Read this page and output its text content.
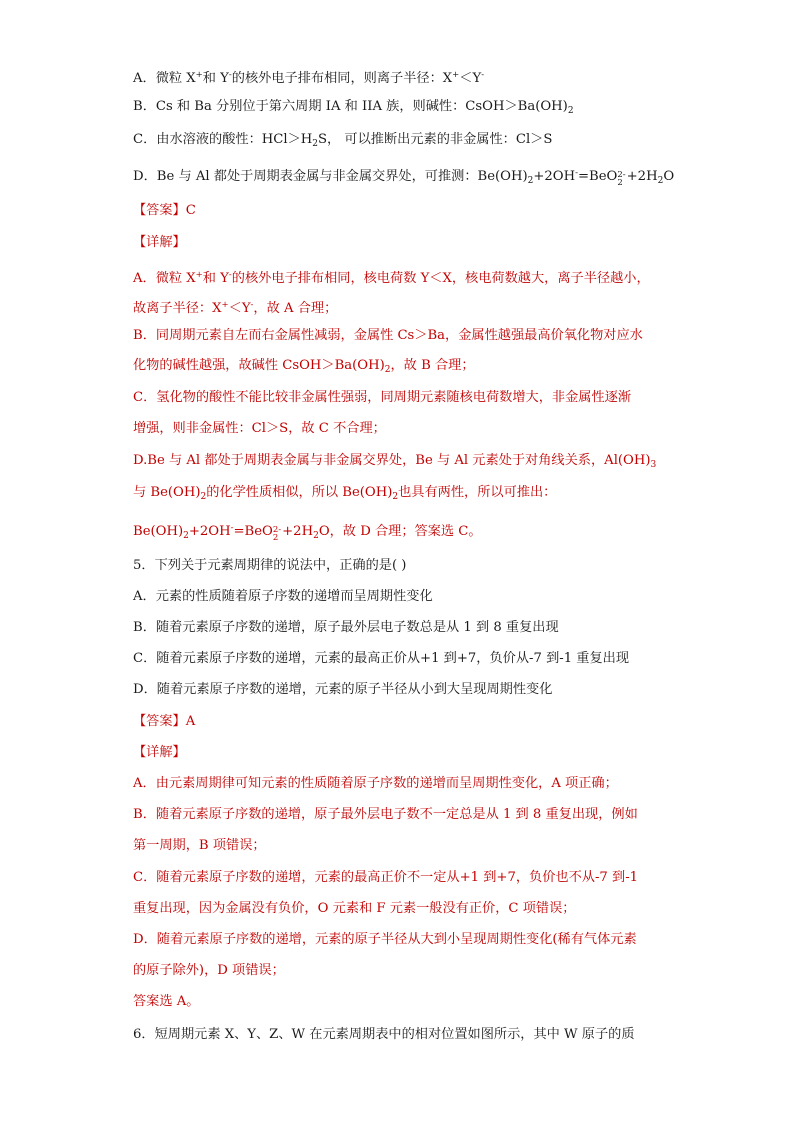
A．微粒 X+和 Y-的核外电子排布相同，则离子半径：X+＜Y-
B．Cs 和 Ba 分别位于第六周期 IA 和 IIA 族，则碱性：$CsOH>Ba(OH)_2$
C．由水溶液的酸性：$HCl>H_2S$， 可以推断出元素的非金属性：Cl＞S
D．Be 与 Al 都处于周期表金属与非金属交界处，可推测：$Be(OH)_2+2OH^-=BeO$ 2-
$2 +2H_2O$
【答案】C
【详解】
A．微粒 X+和 Y-的核外电子排布相同，核电荷数 Y＜X，核电荷数越大，离子半径越小，
故离子半径：X+＜Y-，故 A 合理；
B．同周期元素自左而右金属性减弱，金属性 Cs＞Ba，金属性越强最高价氧化物对应水
化物的碱性越强，故碱性 $CsOH>Ba(OH)_2$，故 B 合理；
C．氢化物的酸性不能比较非金属性强弱，同周期元素随核电荷数增大，非金属性逐渐
增强，则非金属性：Cl＞S，故 C 不合理；
D.Be 与 Al 都处于周期表金属与非金属交界处，Be 与 Al 元素处于对角线关系，$Al(OH)_3$
与 $Be(OH)_2$的化学性质相似，所以 $Be(OH)_2$也具有两性，所以可推出：
$Be(OH)_2+2OH^-=BeO$ 2-
$2 +2H_2O$，故 D 合理；答案选 C。
5．下列关于元素周期律的说法中，正确的是( )
A．元素的性质随着原子序数的递增而呈周期性变化
B．随着元素原子序数的递增，原子最外层电子数总是从 1 到 8 重复出现
C．随着元素原子序数的递增，元素的最高正价从+1 到+7，负价从-7 到-1 重复出现
D．随着元素原子序数的递增，元素的原子半径从小到大呈现周期性变化
【答案】A
【详解】
A．由元素周期律可知元素的性质随着原子序数的递增而呈周期性变化，A 项正确；
B．随着元素原子序数的递增，原子最外层电子数不一定总是从 1 到 8 重复出现，例如
第一周期，B 项错误；
C．随着元素原子序数的递增，元素的最高正价不一定从+1 到+7，负价也不从-7 到-1
重复出现，因为金属没有负价，O 元素和 F 元素一般没有正价，C 项错误；
D．随着元素原子序数的递增，元素的原子半径从大到小呈现周期性变化(稀有气体元素
的原子除外)，D 项错误；
答案选 A。
6．短周期元素 X、Y、Z、W 在元素周期表中的相对位置如图所示，其中 W 原子的质
